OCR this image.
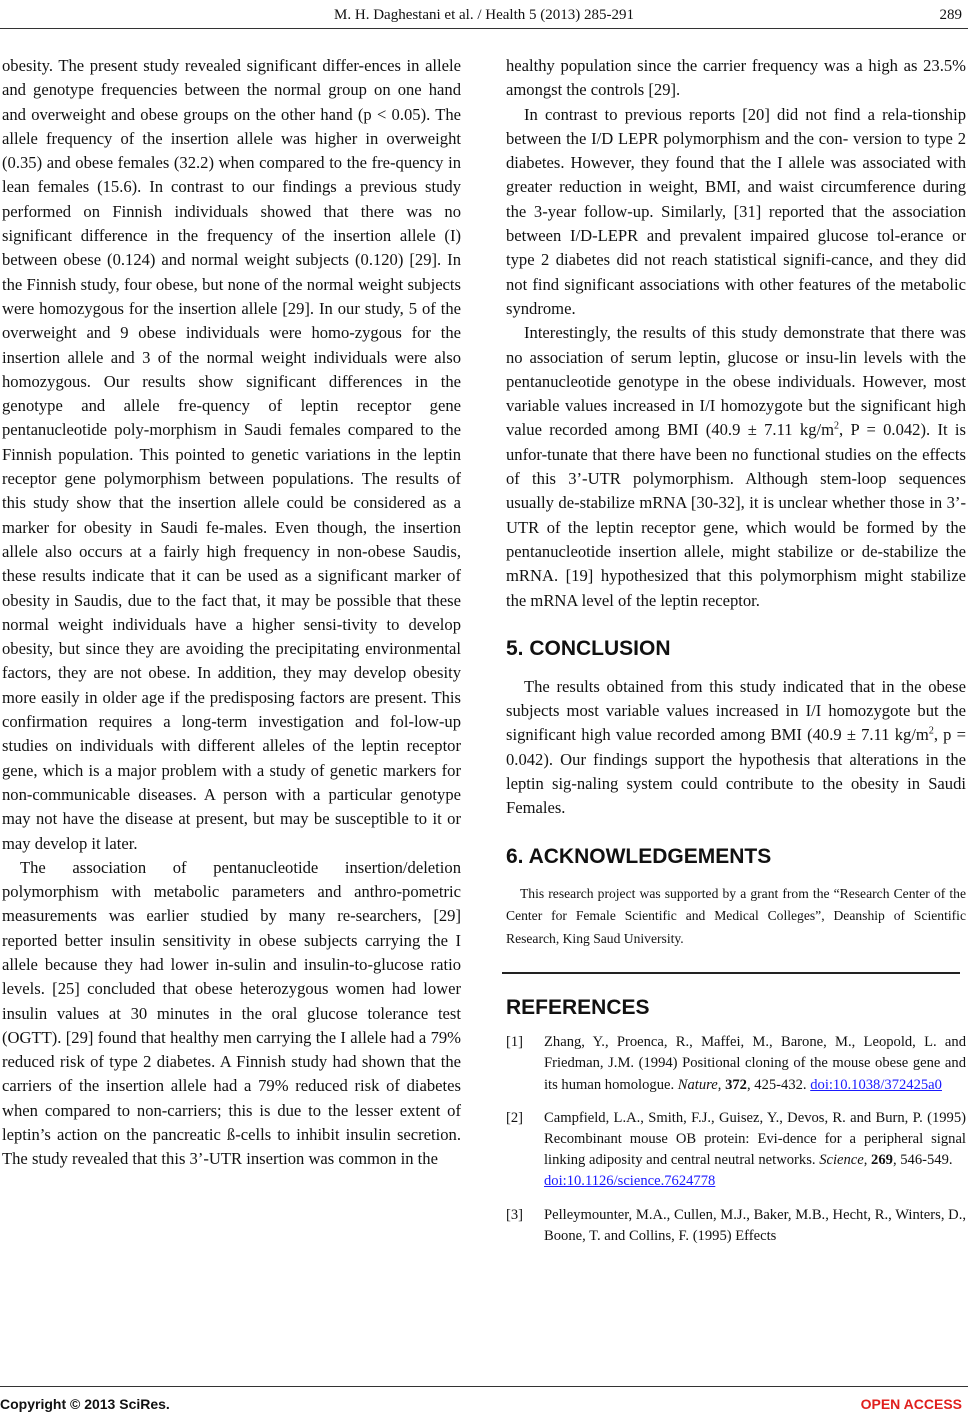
M. H. Daghestani et al. / Health 5 (2013) 285-291	289

obesity. The present study revealed significant differ-ences in allele and genotype frequencies between the normal group on one hand and overweight and obese groups on the other hand (p < 0.05). The allele frequency of the insertion allele was higher in overweight (0.35) and obese females (32.2) when compared to the fre-quency in lean females (15.6). In contrast to our findings a previous study performed on Finnish individuals showed that there was no significant difference in the frequency of the insertion allele (I) between obese (0.124) and normal weight subjects (0.120) [29]. In the Finnish study, four obese, but none of the normal weight subjects were homozygous for the insertion allele [29]. In our study, 5 of the overweight and 9 obese individuals were homo-zygous for the insertion allele and 3 of the normal weight individuals were also homozygous. Our results show significant differences in the genotype and allele fre-quency of leptin receptor gene pentanucleotide poly-morphism in Saudi females compared to the Finnish population. This pointed to genetic variations in the leptin receptor gene polymorphism between populations. The results of this study show that the insertion allele could be considered as a marker for obesity in Saudi fe-males. Even though, the insertion allele also occurs at a fairly high frequency in non-obese Saudis, these results indicate that it can be used as a significant marker of obesity in Saudis, due to the fact that, it may be possible that these normal weight individuals have a higher sensi-tivity to develop obesity, but since they are avoiding the precipitating environmental factors, they are not obese. In addition, they may develop obesity more easily in older age if the predisposing factors are present. This confirmation requires a long-term investigation and fol-low-up studies on individuals with different alleles of the leptin receptor gene, which is a major problem with a study of genetic markers for non-communicable diseases. A person with a particular genotype may not have the disease at present, but may be susceptible to it or may develop it later.

The association of pentanucleotide insertion/deletion polymorphism with metabolic parameters and anthro-pometric measurements was earlier studied by many re-searchers, [29] reported better insulin sensitivity in obese subjects carrying the I allele because they had lower in-sulin and insulin-to-glucose ratio levels. [25] concluded that obese heterozygous women had lower insulin values at 30 minutes in the oral glucose tolerance test (OGTT). [29] found that healthy men carrying the I allele had a 79% reduced risk of type 2 diabetes. A Finnish study had shown that the carriers of the insertion allele had a 79% reduced risk of diabetes when compared to non-carriers; this is due to the lesser extent of leptin’s action on the pancreatic ß-cells to inhibit insulin secretion. The study revealed that this 3’-UTR insertion was common in the

healthy population since the carrier frequency was a high as 23.5% amongst the controls [29].

In contrast to previous reports [20] did not find a rela-tionship between the I/D LEPR polymorphism and the con- version to type 2 diabetes. However, they found that the I allele was associated with greater reduction in weight, BMI, and waist circumference during the 3-year follow-up. Similarly, [31] reported that the association between I/D-LEPR and prevalent impaired glucose tol-erance or type 2 diabetes did not reach statistical signifi-cance, and they did not find significant associations with other features of the metabolic syndrome.

Interestingly, the results of this study demonstrate that there was no association of serum leptin, glucose or insu-lin levels with the pentanucleotide genotype in the obese individuals. However, most variable values increased in I/I homozygote but the significant high value recorded among BMI (40.9 ± 7.11 $kg/m^2$, P = 0.042). It is unfor-tunate that there have been no functional studies on the effects of this 3’-UTR polymorphism. Although stem-loop sequences usually de-stabilize mRNA [30-32], it is unclear whether those in 3’-UTR of the leptin receptor gene, which would be formed by the pentanucleotide insertion allele, might stabilize or de-stabilize the mRNA. [19] hypothesized that this polymorphism might stabilize the mRNA level of the leptin receptor.

5. CONCLUSION

The results obtained from this study indicated that in the obese subjects most variable values increased in I/I homozygote but the significant high value recorded among BMI (40.9 ± 7.11 $kg/m^2$, p = 0.042). Our findings support the hypothesis that alterations in the leptin sig-naling system could contribute to the obesity in Saudi Females.

6. ACKNOWLEDGEMENTS

This research project was supported by a grant from the “Research Center of the Center for Female Scientific and Medical Colleges”, Deanship of Scientific Research, King Saud University.

REFERENCES
[1] Zhang, Y., Proenca, R., Maffei, M., Barone, M., Leopold, L. and Friedman, J.M. (1994) Positional cloning of the mouse obese gene and its human homologue. Nature, 372, 425-432. doi:10.1038/372425a0
[2] Campfield, L.A., Smith, F.J., Guisez, Y., Devos, R. and Burn, P. (1995) Recombinant mouse OB protein: Evi-dence for a peripheral signal linking adiposity and central neutral networks. Science, 269, 546-549.
doi:10.1126/science.7624778
[3] Pelleymounter, M.A., Cullen, M.J., Baker, M.B., Hecht, R., Winters, D., Boone, T. and Collins, F. (1995) Effects
Copyright © 2013 SciRes.	OPEN ACCESS
